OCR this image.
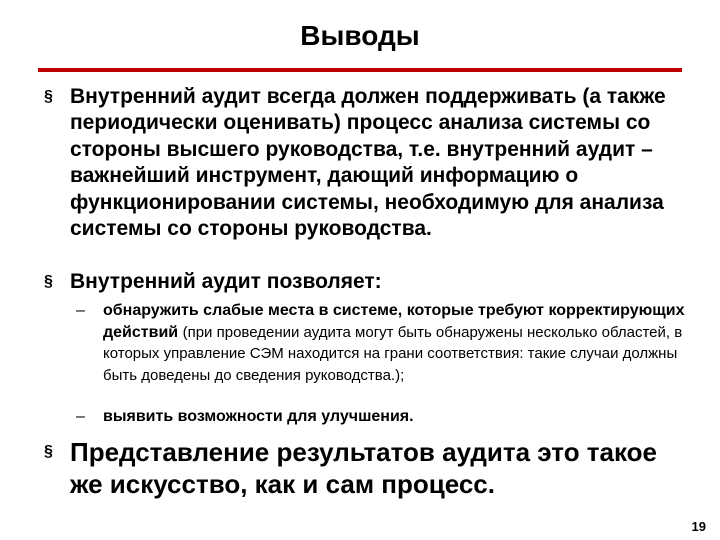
Выводы
§ Внутренний аудит всегда должен поддерживать (а также периодически оценивать) процесс анализа системы со стороны высшего руководства, т.е. внутренний аудит – важнейший инструмент, дающий информацию о функционировании системы, необходимую для анализа системы со стороны руководства.
§ Внутренний аудит позволяет:
– обнаружить слабые места в системе, которые требуют корректирующих действий (при проведении аудита могут быть обнаружены несколько областей, в которых управление СЭМ находится на грани соответствия: такие случаи должны быть доведены до сведения руководства.);
– выявить возможности для улучшения.
§ Представление результатов аудита это такое же искусство, как и сам процесс.
19
